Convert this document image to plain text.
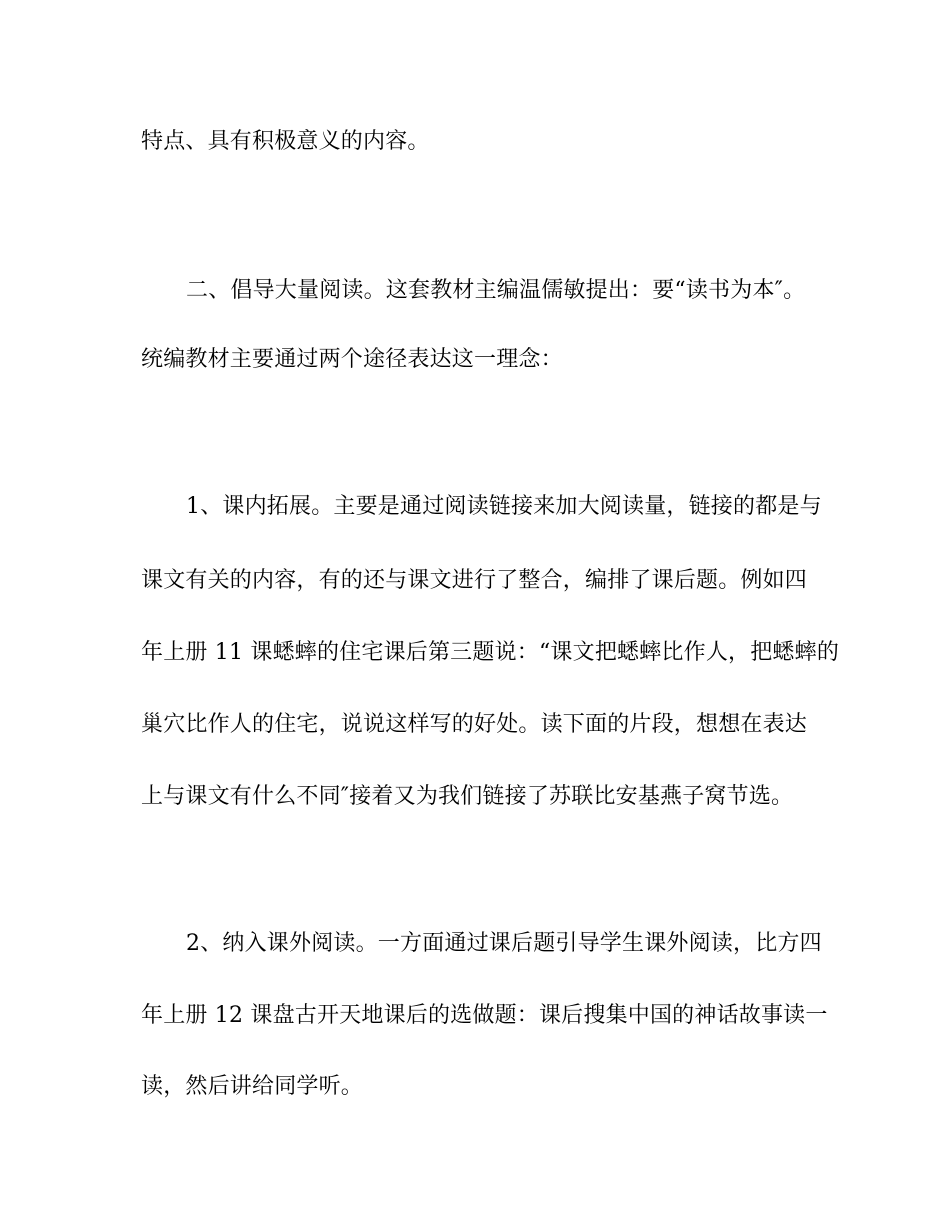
特点、具有积极意义的内容。
二、倡导大量阅读。这套教材主编温儒敏提出：要“读书为本″。
统编教材主要通过两个途径表达这一理念：
1、课内拓展。主要是通过阅读链接来加大阅读量，链接的都是与
课文有关的内容，有的还与课文进行了整合，编排了课后题。例如四
年上册 11 课蟋蟀的住宅课后第三题说：“课文把蟋蟀比作人，把蟋蟀的
巢穴比作人的住宅，说说这样写的好处。读下面的片段，想想在表达
上与课文有什么不同″接着又为我们链接了苏联比安基燕子窝节选。
2、纳入课外阅读。一方面通过课后题引导学生课外阅读，比方四
年上册 12 课盘古开天地课后的选做题：课后搜集中国的神话故事读一
读，然后讲给同学听。
